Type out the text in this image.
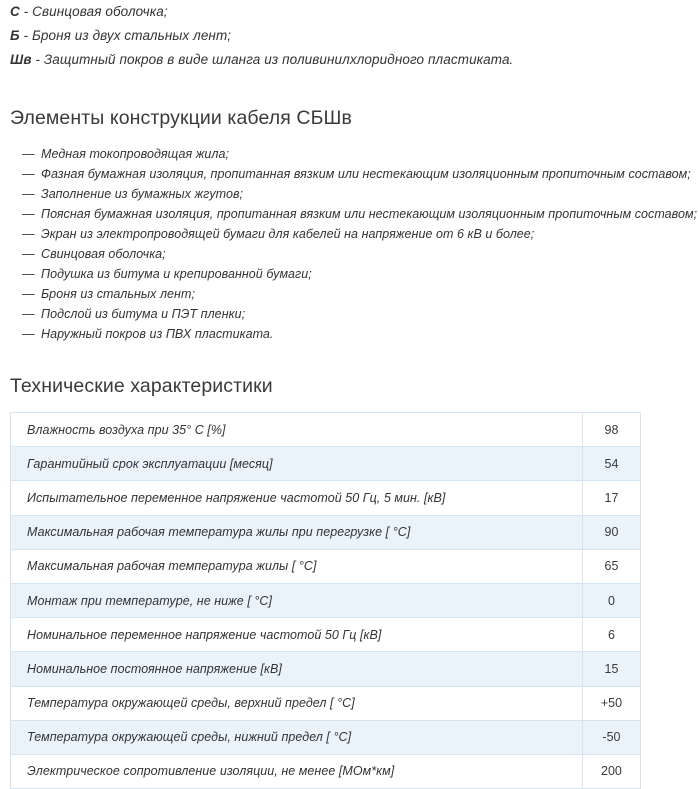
С - Свинцовая оболочка;
Б - Броня из двух стальных лент;
Шв - Защитный покров в виде шланга из поливинилхлоридного пластиката.
Элементы конструкции кабеля СБШв
— Медная токопроводящая жила;
— Фазная бумажная изоляция, пропитанная вязким или нестекающим изоляционным пропиточным составом;
— Заполнение из бумажных жгутов;
— Поясная бумажная изоляция, пропитанная вязким или нестекающим изоляционным пропиточным составом;
— Экран из электропроводящей бумаги для кабелей на напряжение от 6 кВ и более;
— Свинцовая оболочка;
— Подушка из битума и крепированной бумаги;
— Броня из стальных лент;
— Подслой из битума и ПЭТ пленки;
— Наружный покров из ПВХ пластиката.
Технические характеристики
Влажность воздуха при 35° C [%]	98
Гарантийный срок эксплуатации [месяц]	54
Испытательное переменное напряжение частотой 50 Гц, 5 мин. [кВ]	17
Максимальная рабочая температура жилы при перегрузке [ °C]	90
Максимальная рабочая температура жилы [ °C]	65
Монтаж при температуре, не ниже [ °C]	0
Номинальное переменное напряжение частотой 50 Гц [кВ]	6
Номинальное постоянное напряжение [кВ]	15
Температура окружающей среды, верхний предел [ °C]	+50
Температура окружающей среды, нижний предел [ °C]	-50
Электрическое сопротивление изоляции, не менее [МОм*км]	200
